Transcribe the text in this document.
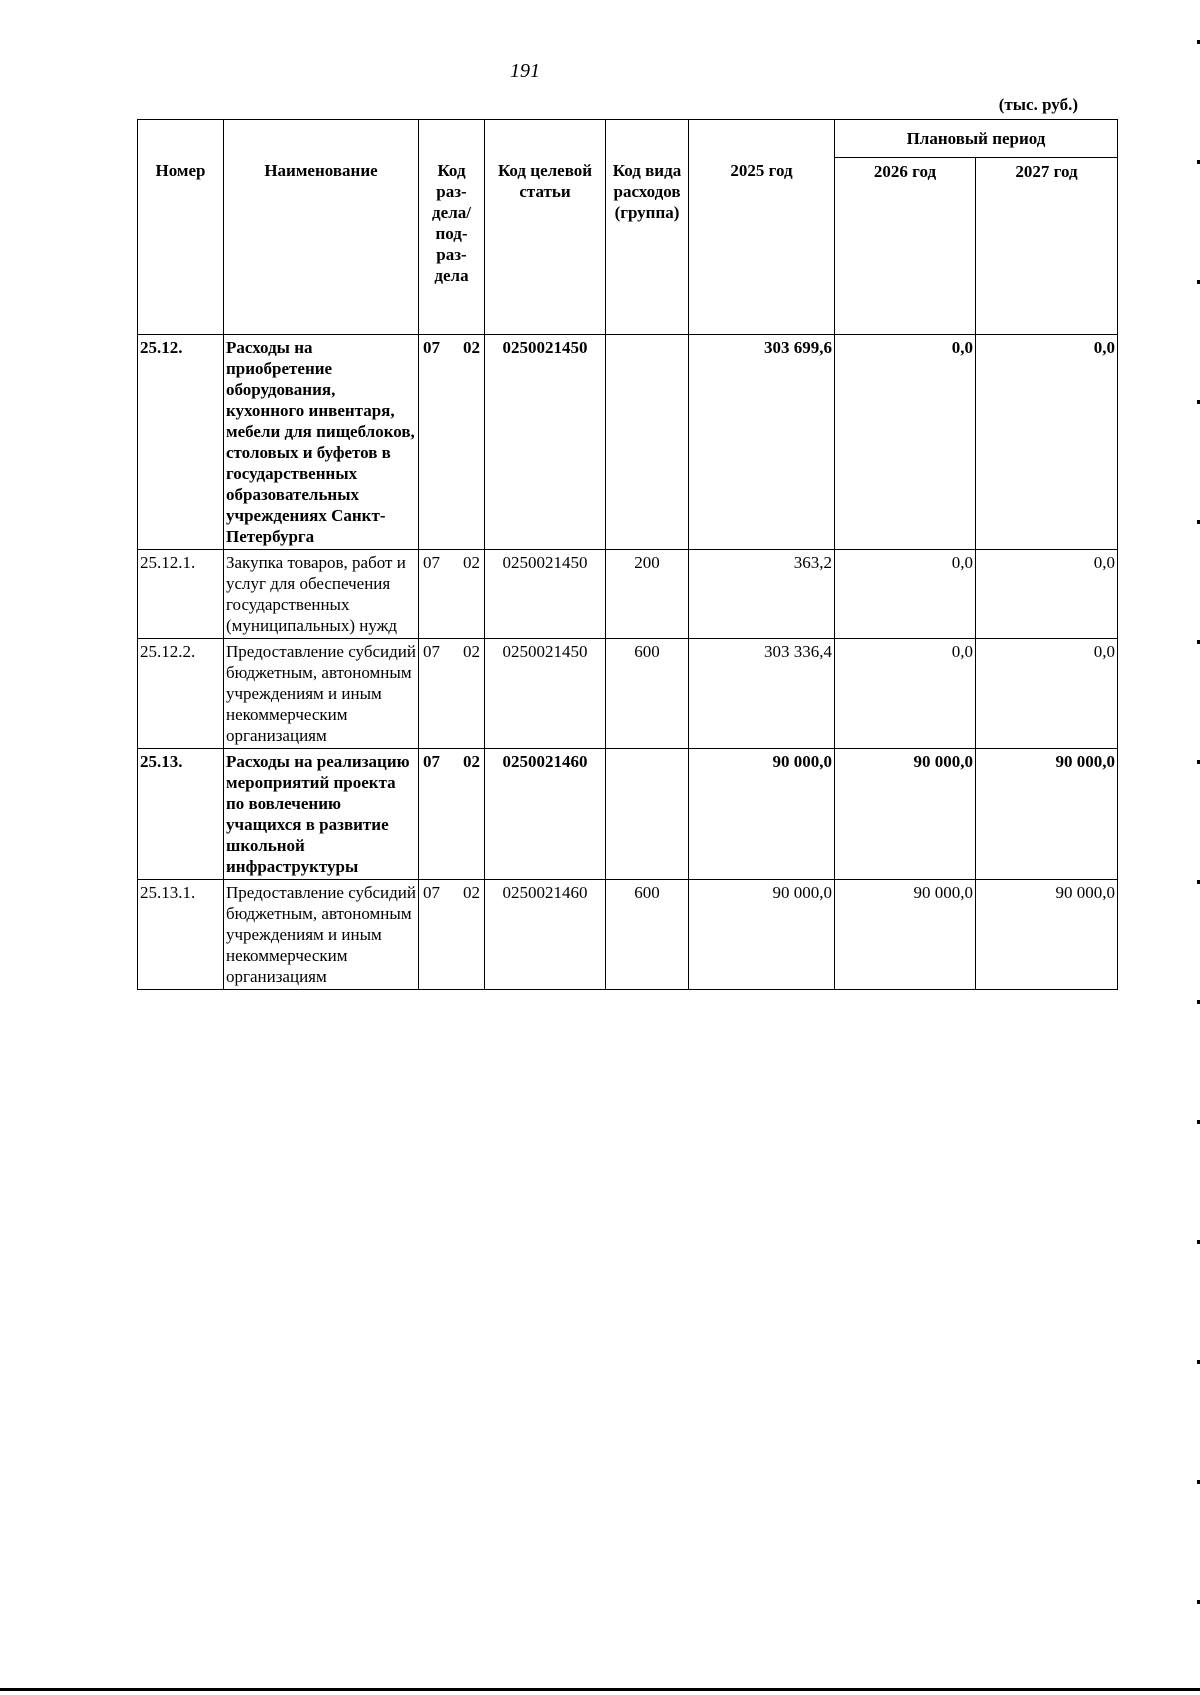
191
(тыс. руб.)
Номер	Наименование	Код раз-дела/ под-раз-дела	Код целевой статьи	Код вида расходов (группа)	2025 год	Плановый период	
						2026 год	2027 год
25.12.	Расходы на приобретение оборудования, кухонного инвентаря, мебели для пищеблоков, столовых и буфетов в государственных образовательных учреждениях Санкт-Петербурга	07 02	0250021450		303 699,6	0,0	0,0
25.12.1.	Закупка товаров, работ и услуг для обеспечения государственных (муниципальных) нужд	07 02	0250021450	200	363,2	0,0	0,0
25.12.2.	Предоставление субсидий бюджетным, автономным учреждениям и иным некоммерческим организациям	07 02	0250021450	600	303 336,4	0,0	0,0
25.13.	Расходы на реализацию мероприятий проекта по вовлечению учащихся в развитие школьной инфраструктуры	07 02	0250021460		90 000,0	90 000,0	90 000,0
25.13.1.	Предоставление субсидий бюджетным, автономным учреждениям и иным некоммерческим организациям	07 02	0250021460	600	90 000,0	90 000,0	90 000,0
